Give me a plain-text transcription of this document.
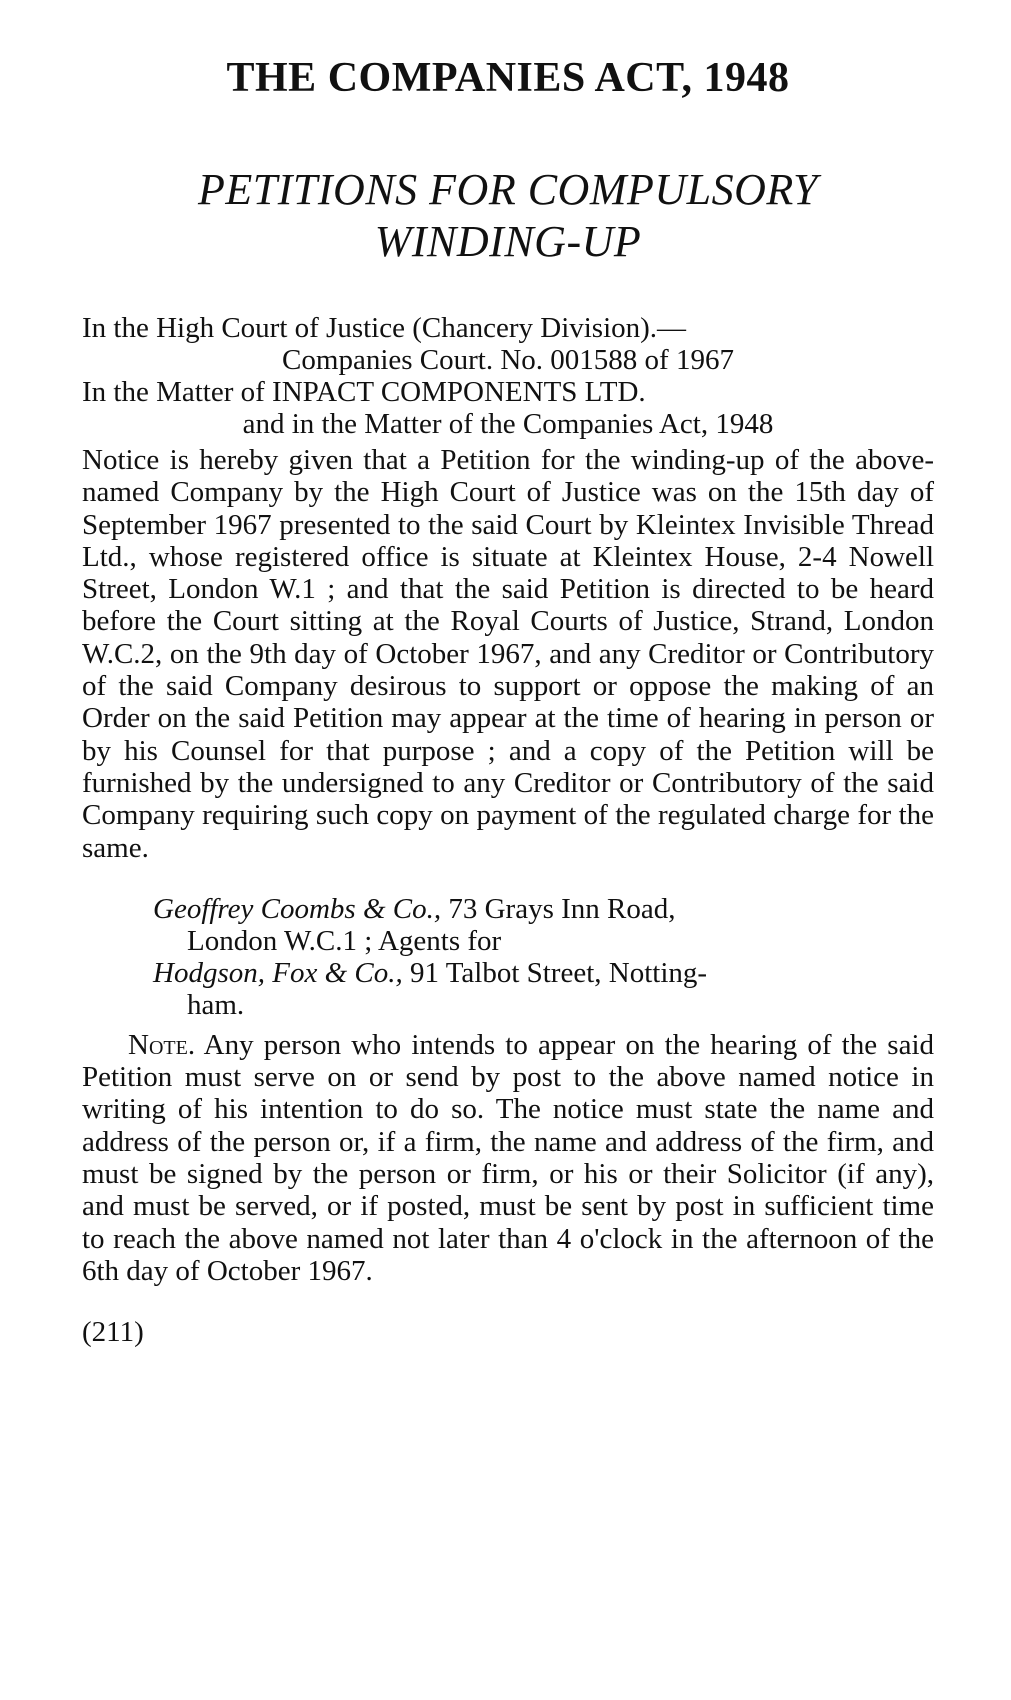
THE COMPANIES ACT, 1948
PETITIONS FOR COMPULSORY
WINDING-UP
In the High Court of Justice (Chancery Division).—
Companies Court. No. 001588 of 1967
In the Matter of INPACT COMPONENTS LTD.
and in the Matter of the Companies Act, 1948

Notice is hereby given that a Petition for the winding-up of the above-named Company by the High Court of Justice was on the 15th day of September 1967 presented to the said Court by Kleintex Invisible Thread Ltd., whose registered office is situate at Kleintex House, 2-4 Nowell Street, London W.1 ; and that the said Petition is directed to be heard before the Court sitting at the Royal Courts of Justice, Strand, London W.C.2, on the 9th day of October 1967, and any Creditor or Contributory of the said Company desirous to support or oppose the making of an Order on the said Petition may appear at the time of hearing in person or by his Counsel for that purpose ; and a copy of the Petition will be furnished by the undersigned to any Creditor or Contributory of the said Company requiring such copy on payment of the regulated charge for the same.

Geoffrey Coombs & Co., 73 Grays Inn Road,
London W.C.1 ; Agents for
Hodgson, Fox & Co., 91 Talbot Street, Notting-
ham.

Note. Any person who intends to appear on the hearing of the said Petition must serve on or send by post to the above named notice in writing of his intention to do so. The notice must state the name and address of the person or, if a firm, the name and address of the firm, and must be signed by the person or firm, or his or their Solicitor (if any), and must be served, or if posted, must be sent by post in sufficient time to reach the above named not later than 4 o'clock in the afternoon of the 6th day of October 1967.

(211)
